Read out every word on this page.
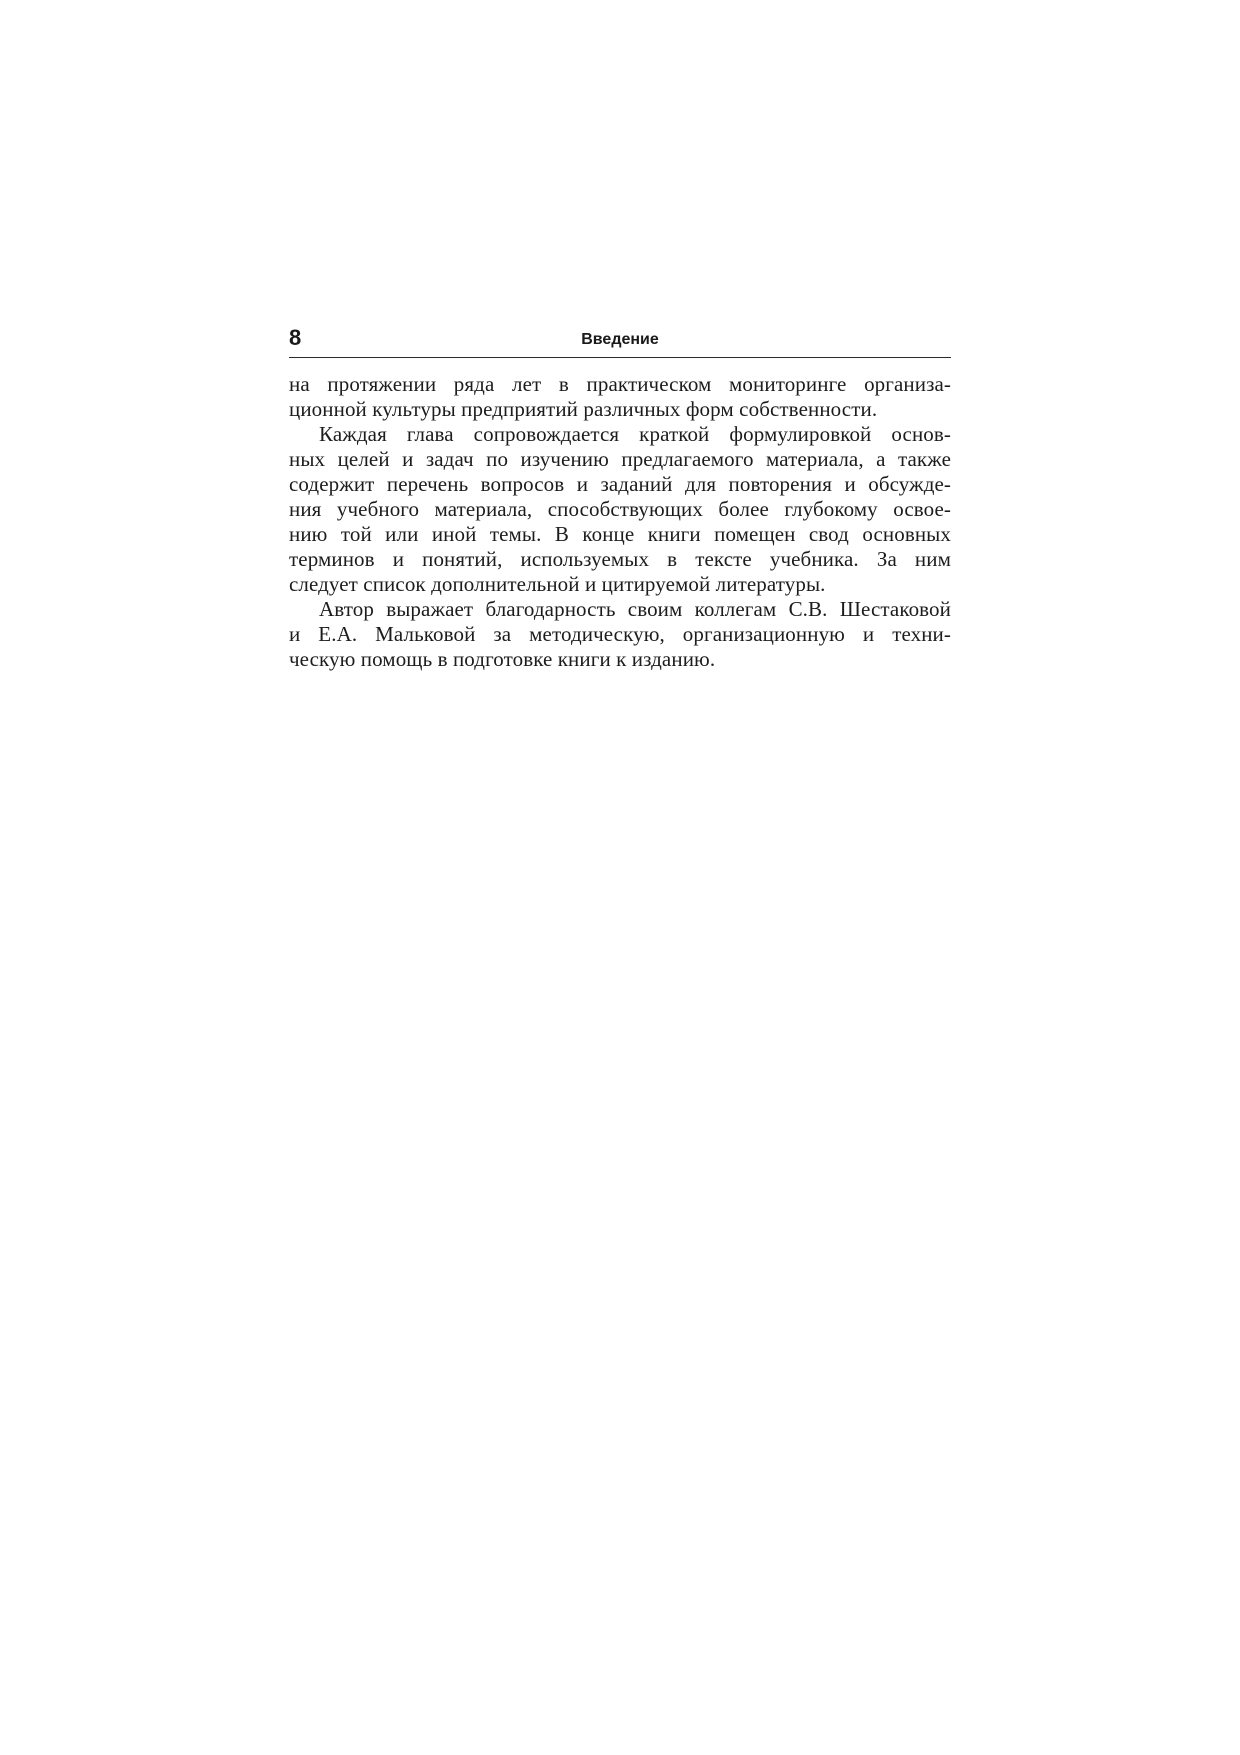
8	Введение
на протяжении ряда лет в практическом мониторинге организа-
ционной культуры предприятий различных форм собственности.
Каждая глава сопровождается краткой формулировкой основ-
ных целей и задач по изучению предлагаемого материала, а также
содержит перечень вопросов и заданий для повторения и обсужде-
ния учебного материала, способствующих более глубокому освое-
нию той или иной темы. В конце книги помещен свод основных
терминов и понятий, используемых в тексте учебника. За ним
следует список дополнительной и цитируемой литературы.
Автор выражает благодарность своим коллегам С.В. Шестаковой
и Е.А. Мальковой за методическую, организационную и техни-
ческую помощь в подготовке книги к изданию.
